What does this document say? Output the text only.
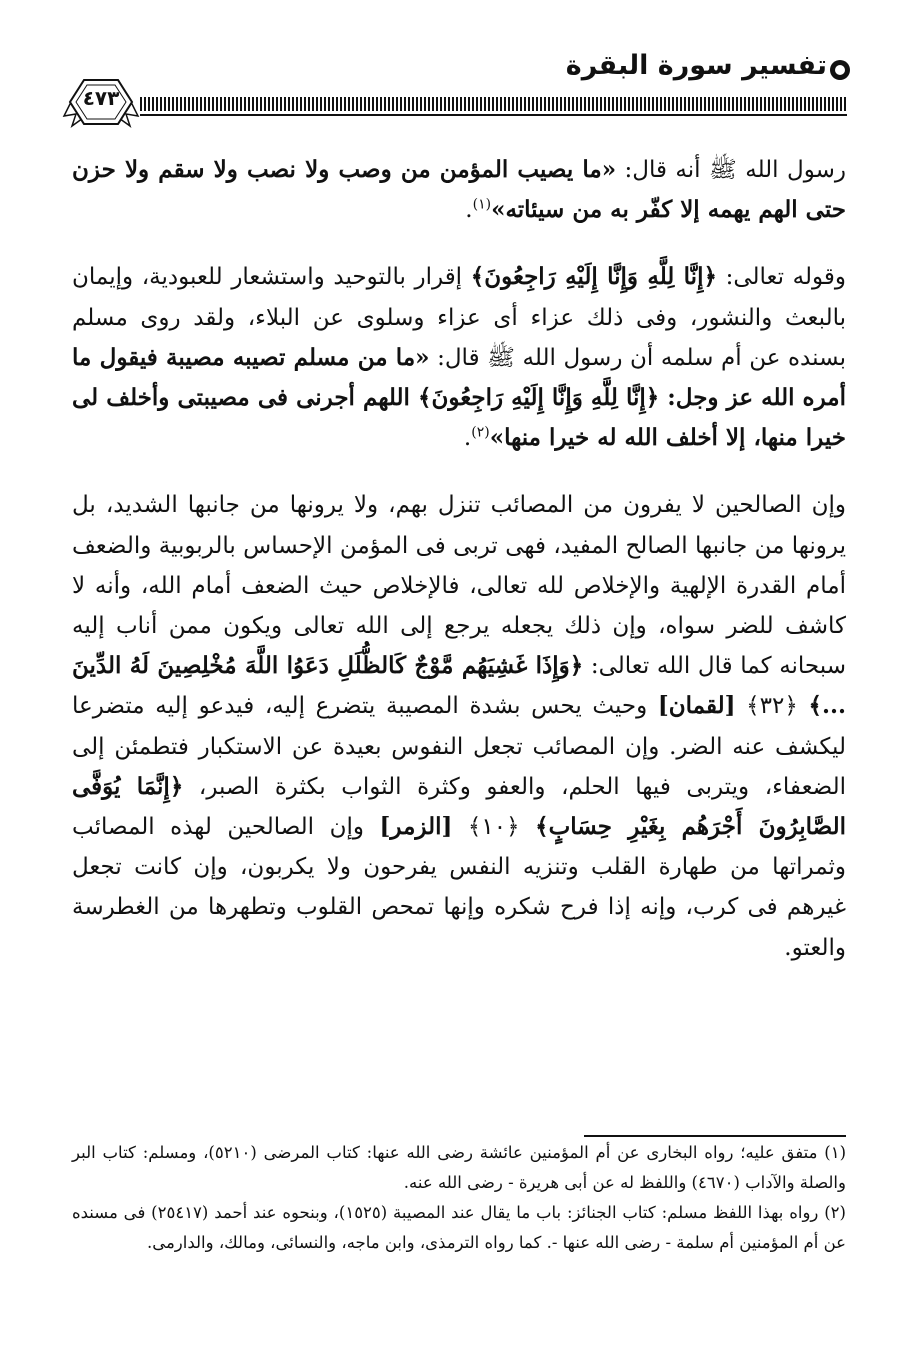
تفسير سورة البقرة
٤٧٣

رسول الله ﷺ أنه قال: «ما يصيب المؤمن من وصب ولا نصب ولا سقم ولا حزن حتى الهم يهمه إلا كفّر به من سيئاته»$^{(١)}$.

وقوله تعالى: ﴿إِنَّا لِلَّهِ وَإِنَّا إِلَيْهِ رَاجِعُونَ﴾ إقرار بالتوحيد واستشعار للعبودية، وإيمان بالبعث والنشور، وفى ذلك عزاء أى عزاء وسلوى عن البلاء، ولقد روى مسلم بسنده عن أم سلمه أن رسول الله ﷺ قال: «ما من مسلم تصيبه مصيبة فيقول ما أمره الله عز وجل: ﴿إِنَّا لِلَّهِ وَإِنَّا إِلَيْهِ رَاجِعُونَ﴾ اللهم أجرنى فى مصيبتى وأخلف لى خيرا منها، إلا أخلف الله له خيرا منها»$^{(٢)}$.

وإن الصالحين لا يفرون من المصائب تنزل بهم، ولا يرونها من جانبها الشديد، بل يرونها من جانبها الصالح المفيد، فهى تربى فى المؤمن الإحساس بالربوبية والضعف أمام القدرة الإلهية والإخلاص لله تعالى، فالإخلاص حيث الضعف أمام الله، وأنه لا كاشف للضر سواه، وإن ذلك يجعله يرجع إلى الله تعالى ويكون ممن أناب إليه سبحانه كما قال الله تعالى: ﴿وَإِذَا غَشِيَهُم مَّوْجٌ كَالظُّلَلِ دَعَوُا اللَّهَ مُخْلِصِينَ لَهُ الدِّينَ ...﴾ ﴿٣٢﴾ [لقمان] وحيث يحس بشدة المصيبة يتضرع إليه، فيدعو إليه متضرعا ليكشف عنه الضر. وإن المصائب تجعل النفوس بعيدة عن الاستكبار فتطمئن إلى الضعفاء، ويتربى فيها الحلم، والعفو وكثرة الثواب بكثرة الصبر، ﴿إِنَّمَا يُوَفَّى الصَّابِرُونَ أَجْرَهُم بِغَيْرِ حِسَابٍ﴾ ﴿١٠﴾ [الزمر] وإن الصالحين لهذه المصائب وثمراتها من طهارة القلب وتنزيه النفس يفرحون ولا يكربون، وإن كانت تجعل غيرهم فى كرب، وإنه إذا فرح شكره وإنها تمحص القلوب وتطهرها من الغطرسة والعتو.

(١) متفق عليه؛ رواه البخارى عن أم المؤمنين عائشة رضى الله عنها: كتاب المرضى (٥٢١٠)، ومسلم: كتاب البر والصلة والآداب (٤٦٧٠) واللفظ له عن أبى هريرة - رضى الله عنه.

(٢) رواه بهذا اللفظ مسلم: كتاب الجنائز: باب ما يقال عند المصيبة (١٥٢٥)، وبنحوه عند أحمد (٢٥٤١٧) فى مسنده عن أم المؤمنين أم سلمة - رضى الله عنها -. كما رواه الترمذى، وابن ماجه، والنسائى، ومالك، والدارمى.
